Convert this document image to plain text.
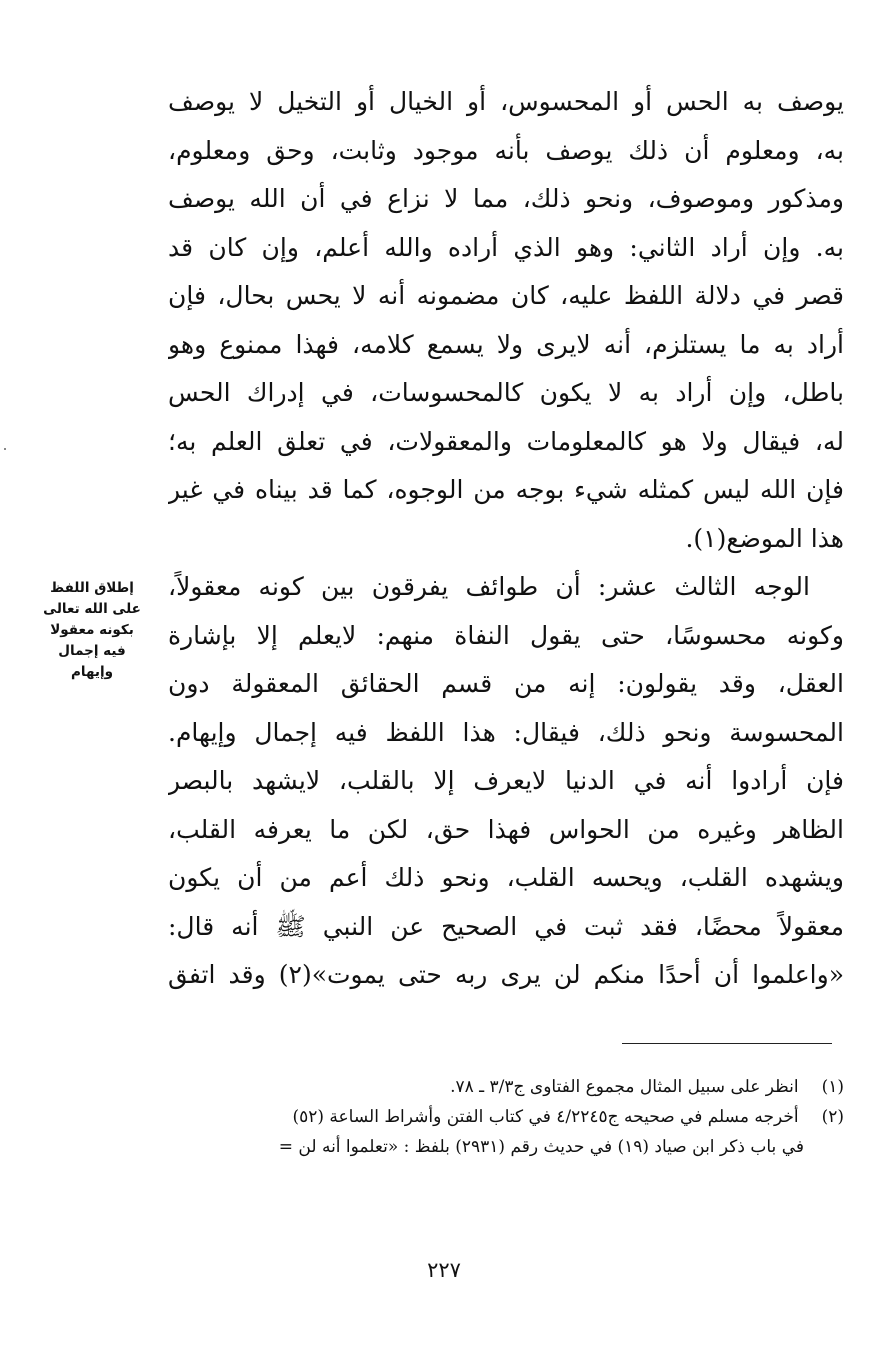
يوصف به الحس أو المحسوس، أو الخيال أو التخيل لا يوصف
به، ومعلوم أن ذلك يوصف بأنه موجود وثابت، وحق ومعلوم،
ومذكور وموصوف، ونحو ذلك، مما لا نزاع في أن الله يوصف
به. وإن أراد الثاني: وهو الذي أراده والله أعلم، وإن كان قد
قصر في دلالة اللفظ عليه، كان مضمونه أنه لا يحس بحال، فإن
أراد به ما يستلزم، أنه لايرى ولا يسمع كلامه، فهذا ممنوع وهو
باطل، وإن أراد به لا يكون كالمحسوسات، في إدراك الحس
له، فيقال ولا هو كالمعلومات والمعقولات، في تعلق العلم به؛
فإن الله ليس كمثله شيء بوجه من الوجوه، كما قد بيناه في غير
هذا الموضع(١).
الوجه الثالث عشر: أن طوائف يفرقون بين كونه معقولاً،
وكونه محسوسًا، حتى يقول النفاة منهم: لايعلم إلا بإشارة
العقل، وقد يقولون: إنه من قسم الحقائق المعقولة دون
المحسوسة ونحو ذلك، فيقال: هذا اللفظ فيه إجمال وإيهام.
فإن أرادوا أنه في الدنيا لايعرف إلا بالقلب، لايشهد بالبصر
الظاهر وغيره من الحواس فهذا حق، لكن ما يعرفه القلب،
ويشهده القلب، ويحسه القلب، ونحو ذلك أعم من أن يكون
معقولاً محضًا، فقد ثبت في الصحيح عن النبي ﷺ أنه قال:
«واعلموا أن أحدًا منكم لن يرى ربه حتى يموت»(٢) وقد اتفق
إطلاق اللفظ
على الله تعالى
بكونه معقولا
فيه إجمال
وإيهام
(١) انظر على سبيل المثال مجموع الفتاوى ج٣/٣ ـ ٧٨.
(٢) أخرجه مسلم في صحيحه ج٤/٢٢٤٥ في كتاب الفتن وأشراط الساعة (٥٢)
في باب ذكر ابن صياد (١٩) في حديث رقم (٢٩٣١) بلفظ : «تعلموا أنه لن =
٢٢٧
